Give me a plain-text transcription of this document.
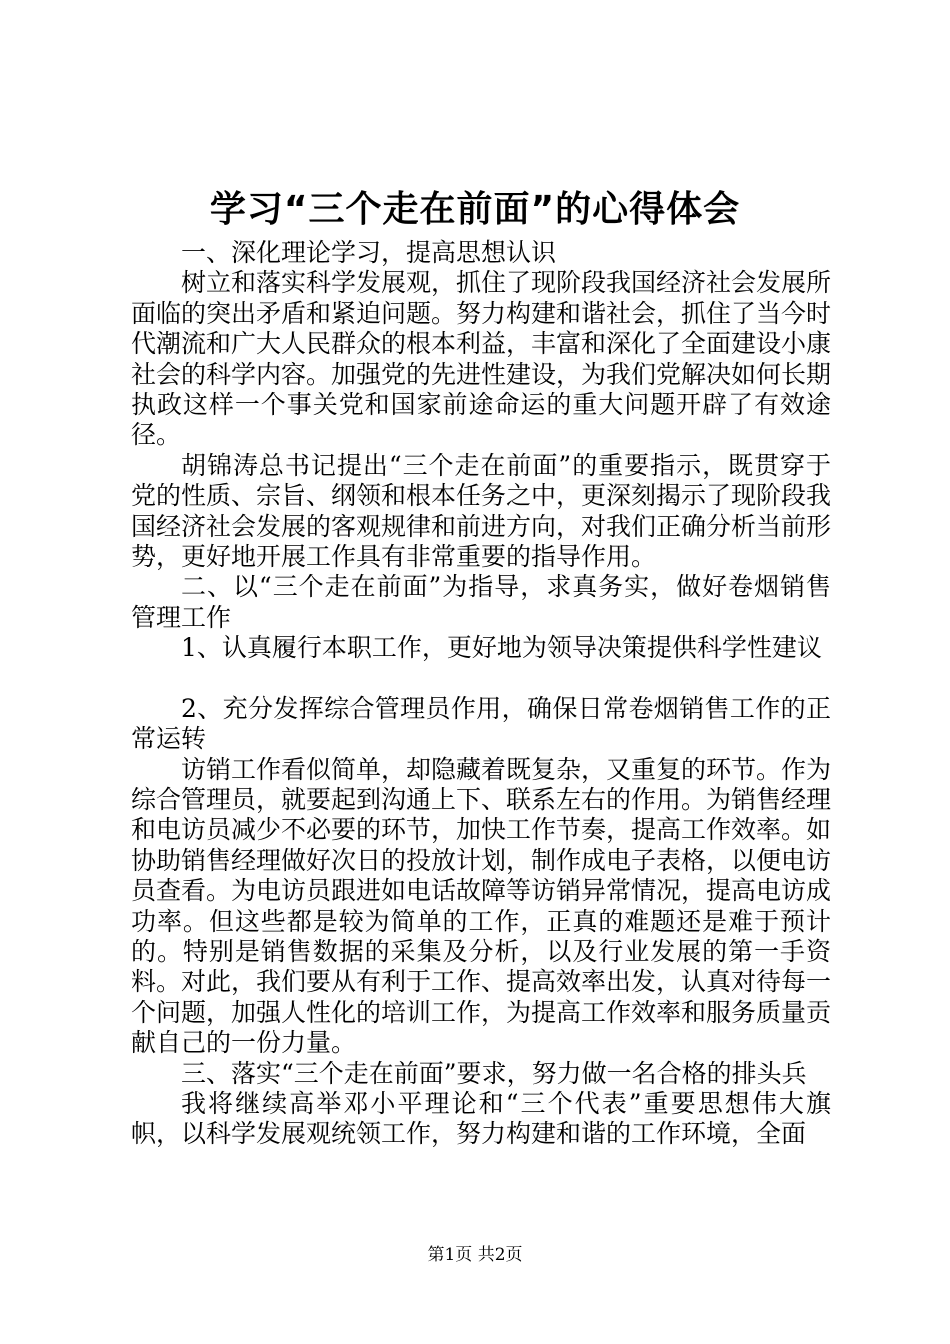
学习“三个走在前面”的心得体会

一、深化理论学习，提高思想认识

树立和落实科学发展观，抓住了现阶段我国经济社会发展所面临的突出矛盾和紧迫问题。努力构建和谐社会，抓住了当今时代潮流和广大人民群众的根本利益，丰富和深化了全面建设小康社会的科学内容。加强党的先进性建设，为我们党解决如何长期执政这样一个事关党和国家前途命运的重大问题开辟了有效途径。

胡锦涛总书记提出“三个走在前面”的重要指示，既贯穿于党的性质、宗旨、纲领和根本任务之中，更深刻揭示了现阶段我国经济社会发展的客观规律和前进方向，对我们正确分析当前形势，更好地开展工作具有非常重要的指导作用。

二、以“三个走在前面”为指导，求真务实，做好卷烟销售管理工作

1、认真履行本职工作，更好地为领导决策提供科学性建议

2、充分发挥综合管理员作用，确保日常卷烟销售工作的正常运转

访销工作看似简单，却隐藏着既复杂，又重复的环节。作为综合管理员，就要起到沟通上下、联系左右的作用。为销售经理和电访员减少不必要的环节，加快工作节奏，提高工作效率。如协助销售经理做好次日的投放计划，制作成电子表格，以便电访员查看。为电访员跟进如电话故障等访销异常情况，提高电访成功率。但这些都是较为简单的工作，正真的难题还是难于预计的。特别是销售数据的采集及分析，以及行业发展的第一手资料。对此，我们要从有利于工作、提高效率出发，认真对待每一个问题，加强人性化的培训工作，为提高工作效率和服务质量贡献自己的一份力量。

三、落实“三个走在前面”要求，努力做一名合格的排头兵

我将继续高举邓小平理论和“三个代表”重要思想伟大旗帜，以科学发展观统领工作，努力构建和谐的工作环境，全面

第1页 共2页
